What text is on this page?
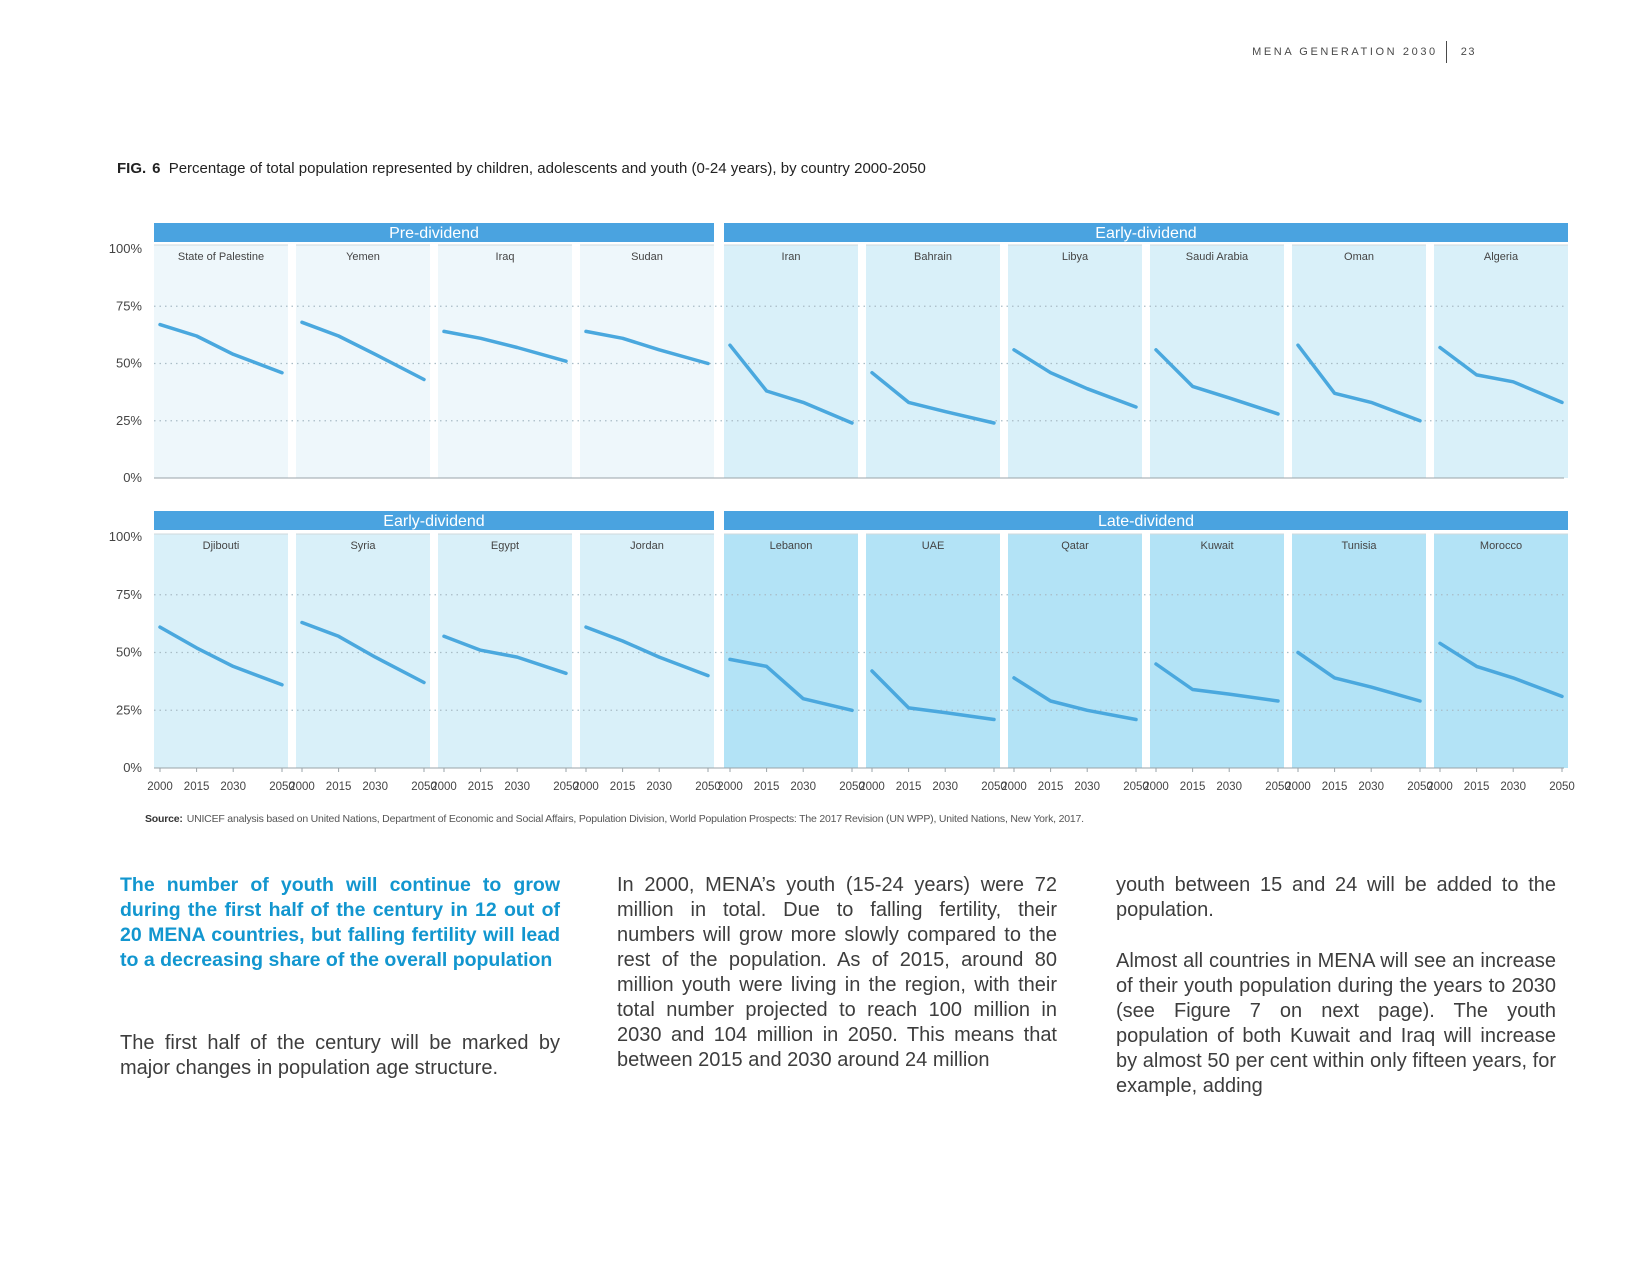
MENA GENERATION 2030 23
FIG. 6 Percentage of total population represented by children, adolescents and youth (0-24 years), by country 2000-2050
Pre-dividend	Early-dividend
100%
75%
50%
25%
0%
State of Palestine	Yemen	Iraq	Sudan	Iran	Bahrain	Libya	Saudi Arabia	Oman	Algeria
Early-dividend	Late-dividend
100%
75%
50%
25%
0%
Djibouti
2000 2015 2030 2050
Syria
2000 2015 2030 2050
Egypt
2000 2015 2030 2050
Jordan
2000 2015 2030 2050
Lebanon
2000 2015 2030 2050
UAE
2000 2015 2030 2050
Qatar
2000 2015 2030 2050
Kuwait
2000 2015 2030 2050
Tunisia
2000 2015 2030 2050
Morocco
2000 2015 2030 2050
Source: UNICEF analysis based on United Nations, Department of Economic and Social Affairs, Population Division, World Population Prospects: The 2017 Revision (UN WPP), United Nations, New York, 2017.

The number of youth will continue to grow during the first half of the century in 12 out of 20 MENA countries, but falling fertility will lead to a decreasing share of the overall population

The first half of the century will be marked by major changes in population age structure.

In 2000, MENA’s youth (15-24 years) were 72 million in total. Due to falling fertility, their numbers will grow more slowly compared to the rest of the population. As of 2015, around 80 million youth were living in the region, with their total number projected to reach 100 million in 2030 and 104 million in 2050. This means that between 2015 and 2030 around 24 million

youth between 15 and 24 will be added to the population.

Almost all countries in MENA will see an increase of their youth population during the years to 2030 (see Figure 7 on next page). The youth population of both Kuwait and Iraq will increase by almost 50 per cent within only fifteen years, for example, adding
